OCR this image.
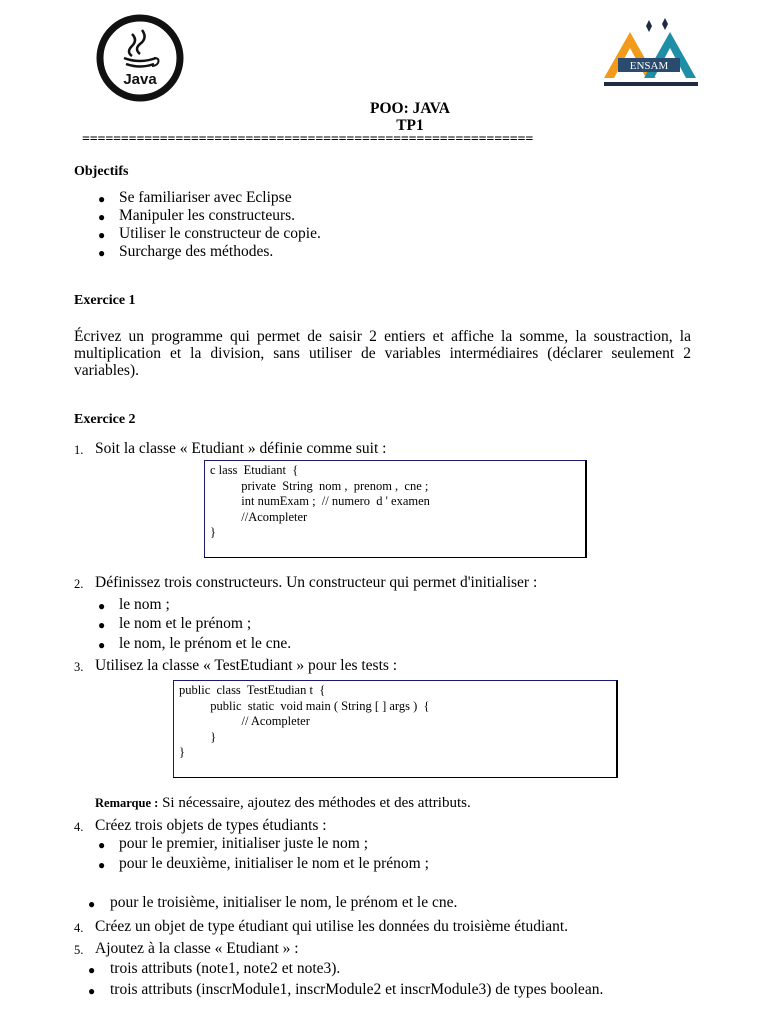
Java
ENSAM
POO: JAVA
TP1
==========================================================
Objectifs
● Se familiariser avec Eclipse
● Manipuler les constructeurs.
● Utiliser le constructeur de copie.
● Surcharge des méthodes.
Exercice 1
Écrivez un programme qui permet de saisir 2 entiers et affiche la somme, la soustraction, la multiplication et la division, sans utiliser de variables intermédiaires (déclarer seulement 2 variables).
Exercice 2
1. Soit la classe « Etudiant » définie comme suit :
c lass  Etudiant  {
private  String  nom ,  prenom ,  cne ;
int numExam ;  // numero  d ' examen
//Acompleter
}
2. Définissez trois constructeurs. Un constructeur qui permet d'initialiser :
● le nom ;
● le nom et le prénom ;
● le nom, le prénom et le cne.
3. Utilisez la classe « TestEtudiant » pour les tests :
public  class  TestEtudian t  {
public  static  void main ( String [ ] args )  {
// Acompleter
}
}
Remarque : Si nécessaire, ajoutez des méthodes et des attributs.
4. Créez trois objets de types étudiants :
● pour le premier, initialiser juste le nom ;
● pour le deuxième, initialiser le nom et le prénom ;
● pour le troisième, initialiser le nom, le prénom et le cne.
4. Créez un objet de type étudiant qui utilise les données du troisième étudiant.
5. Ajoutez à la classe « Etudiant » :
● trois attributs (note1, note2 et note3).
● trois attributs (inscrModule1, inscrModule2 et inscrModule3) de types boolean.
